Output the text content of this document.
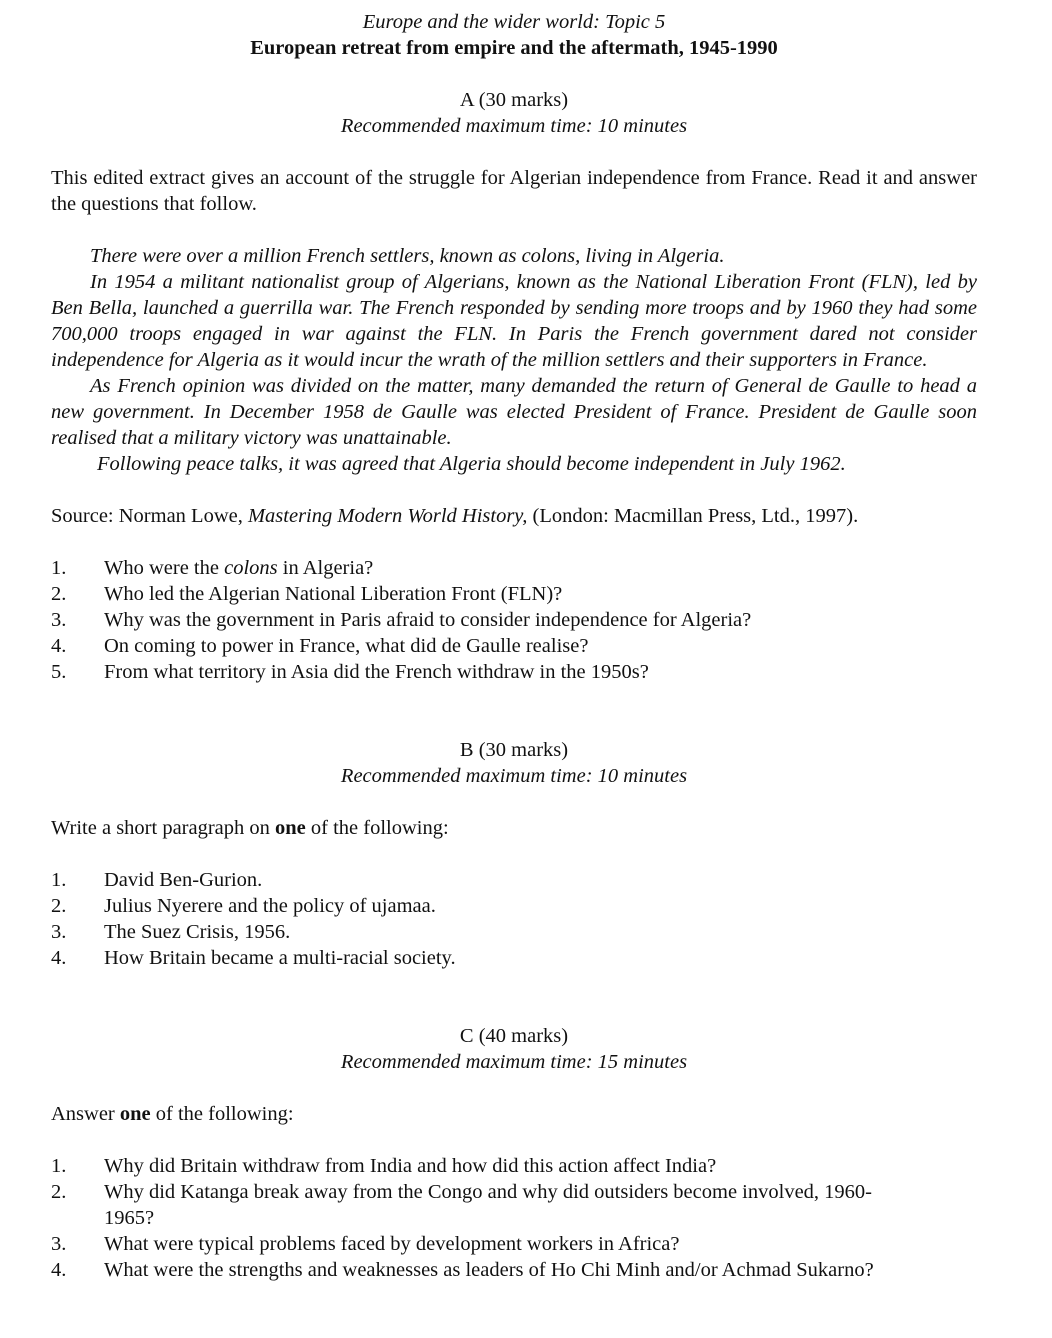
Europe and the wider world: Topic 5
European retreat from empire and the aftermath, 1945-1990
A (30 marks)
Recommended maximum time: 10 minutes

This edited extract gives an account of the struggle for Algerian independence from France. Read it and answer the questions that follow.

There were over a million French settlers, known as colons, living in Algeria.

In 1954 a militant nationalist group of Algerians, known as the National Liberation Front (FLN), led by Ben Bella, launched a guerrilla war. The French responded by sending more troops and by 1960 they had some 700,000 troops engaged in war against the FLN. In Paris the French government dared not consider independence for Algeria as it would incur the wrath of the million settlers and their supporters in France.

As French opinion was divided on the matter, many demanded the return of General de Gaulle to head a new government. In December 1958 de Gaulle was elected President of France. President de Gaulle soon realised that a military victory was unattainable.

Following peace talks, it was agreed that Algeria should become independent in July 1962.

Source: Norman Lowe, Mastering Modern World History, (London: Macmillan Press, Ltd., 1997).

1.	Who were the colons in Algeria?
2.	Who led the Algerian National Liberation Front (FLN)?
3.	Why was the government in Paris afraid to consider independence for Algeria?
4.	On coming to power in France, what did de Gaulle realise?
5.	From what territory in Asia did the French withdraw in the 1950s?
B (30 marks)
Recommended maximum time: 10 minutes

Write a short paragraph on one of the following:

1.	David Ben-Gurion.
2.	Julius Nyerere and the policy of ujamaa.
3.	The Suez Crisis, 1956.
4.	How Britain became a multi-racial society.
C (40 marks)
Recommended maximum time: 15 minutes

Answer one of the following:

1.	Why did Britain withdraw from India and how did this action affect India?
2.	Why did Katanga break away from the Congo and why did outsiders become involved, 1960-1965?
3.	What were typical problems faced by development workers in Africa?
4.	What were the strengths and weaknesses as leaders of Ho Chi Minh and/or Achmad Sukarno?
